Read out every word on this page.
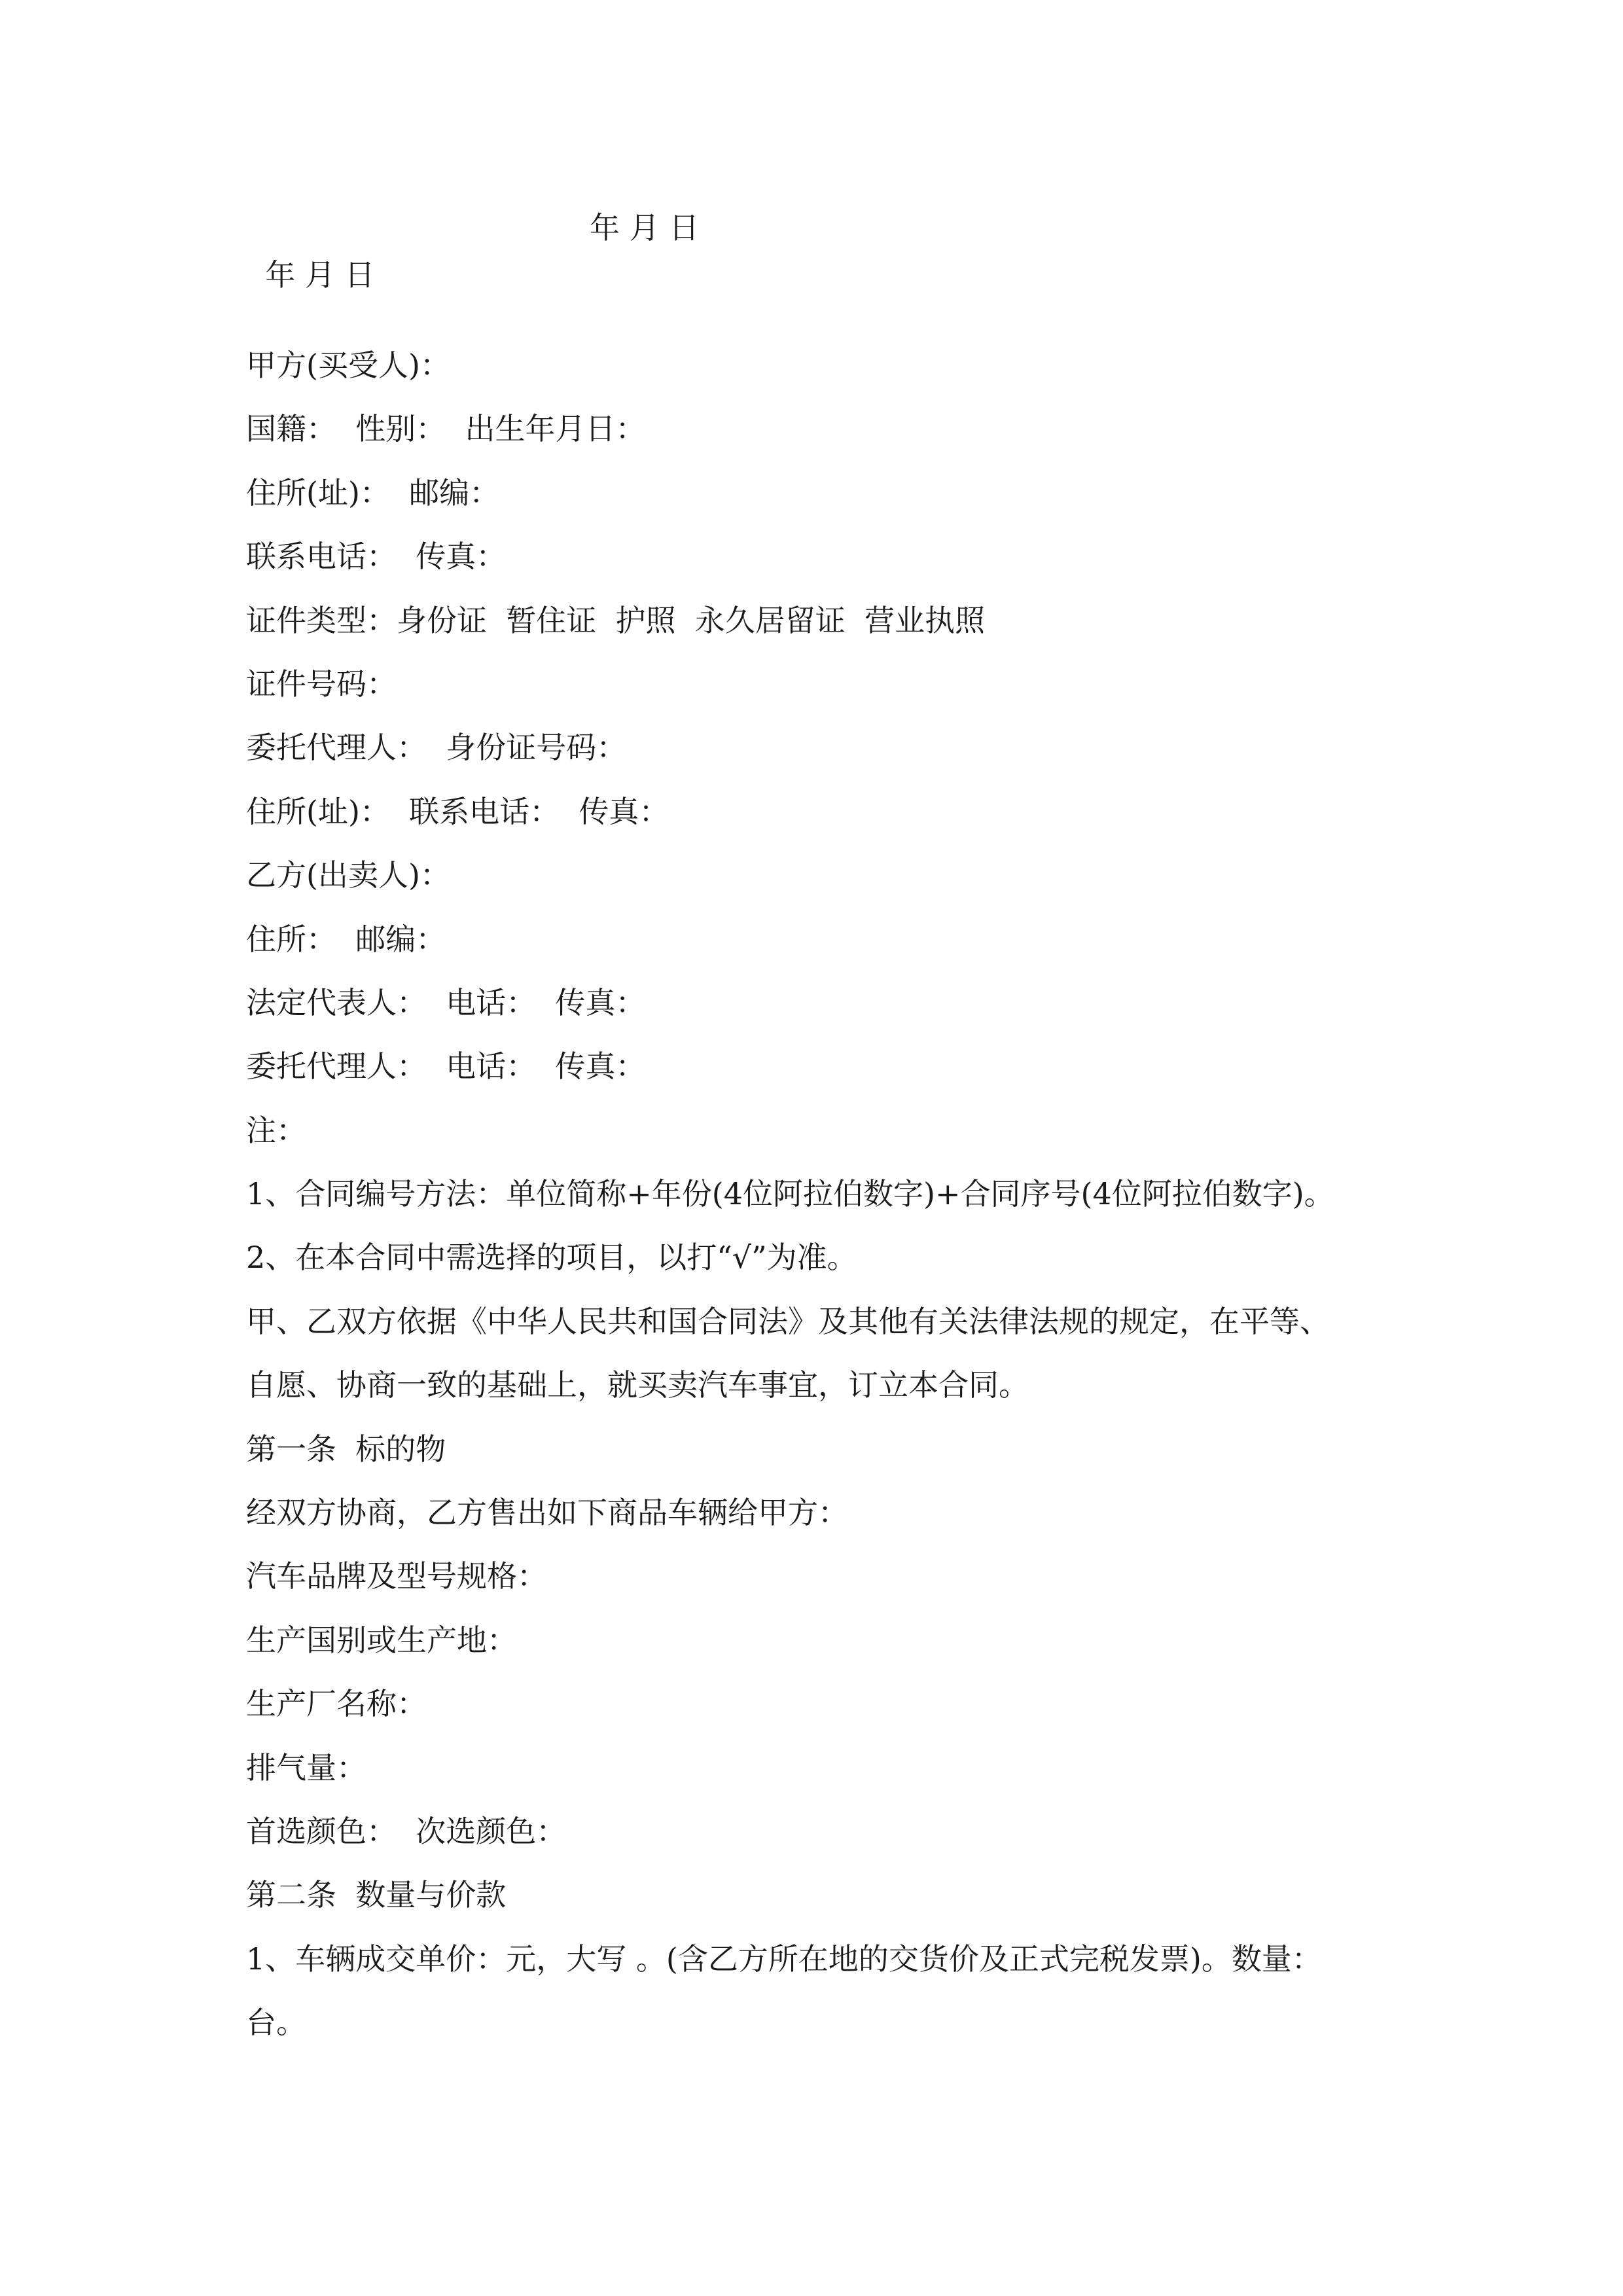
年 月 日

年 月 日

甲方(买受人)：
国籍：  性别：  出生年月日：
住所(址)：  邮编：
联系电话：  传真：
证件类型：身份证  暂住证  护照  永久居留证  营业执照
证件号码：
委托代理人：  身份证号码：
住所(址)：  联系电话：  传真：
乙方(出卖人)：
住所：  邮编：
法定代表人：  电话：  传真：
委托代理人：  电话：  传真：
注：
1、合同编号方法：单位简称+年份(4位阿拉伯数字)+合同序号(4位阿拉伯数字)。
2、在本合同中需选择的项目，以打“√”为准。
甲、乙双方依据《中华人民共和国合同法》及其他有关法律法规的规定，在平等、
自愿、协商一致的基础上，就买卖汽车事宜，订立本合同。
第一条  标的物
经双方协商，乙方售出如下商品车辆给甲方：
汽车品牌及型号规格：
生产国别或生产地：
生产厂名称：
排气量：
首选颜色：  次选颜色：
第二条  数量与价款
1、车辆成交单价：元，大写 。(含乙方所在地的交货价及正式完税发票)。数量：
台。
